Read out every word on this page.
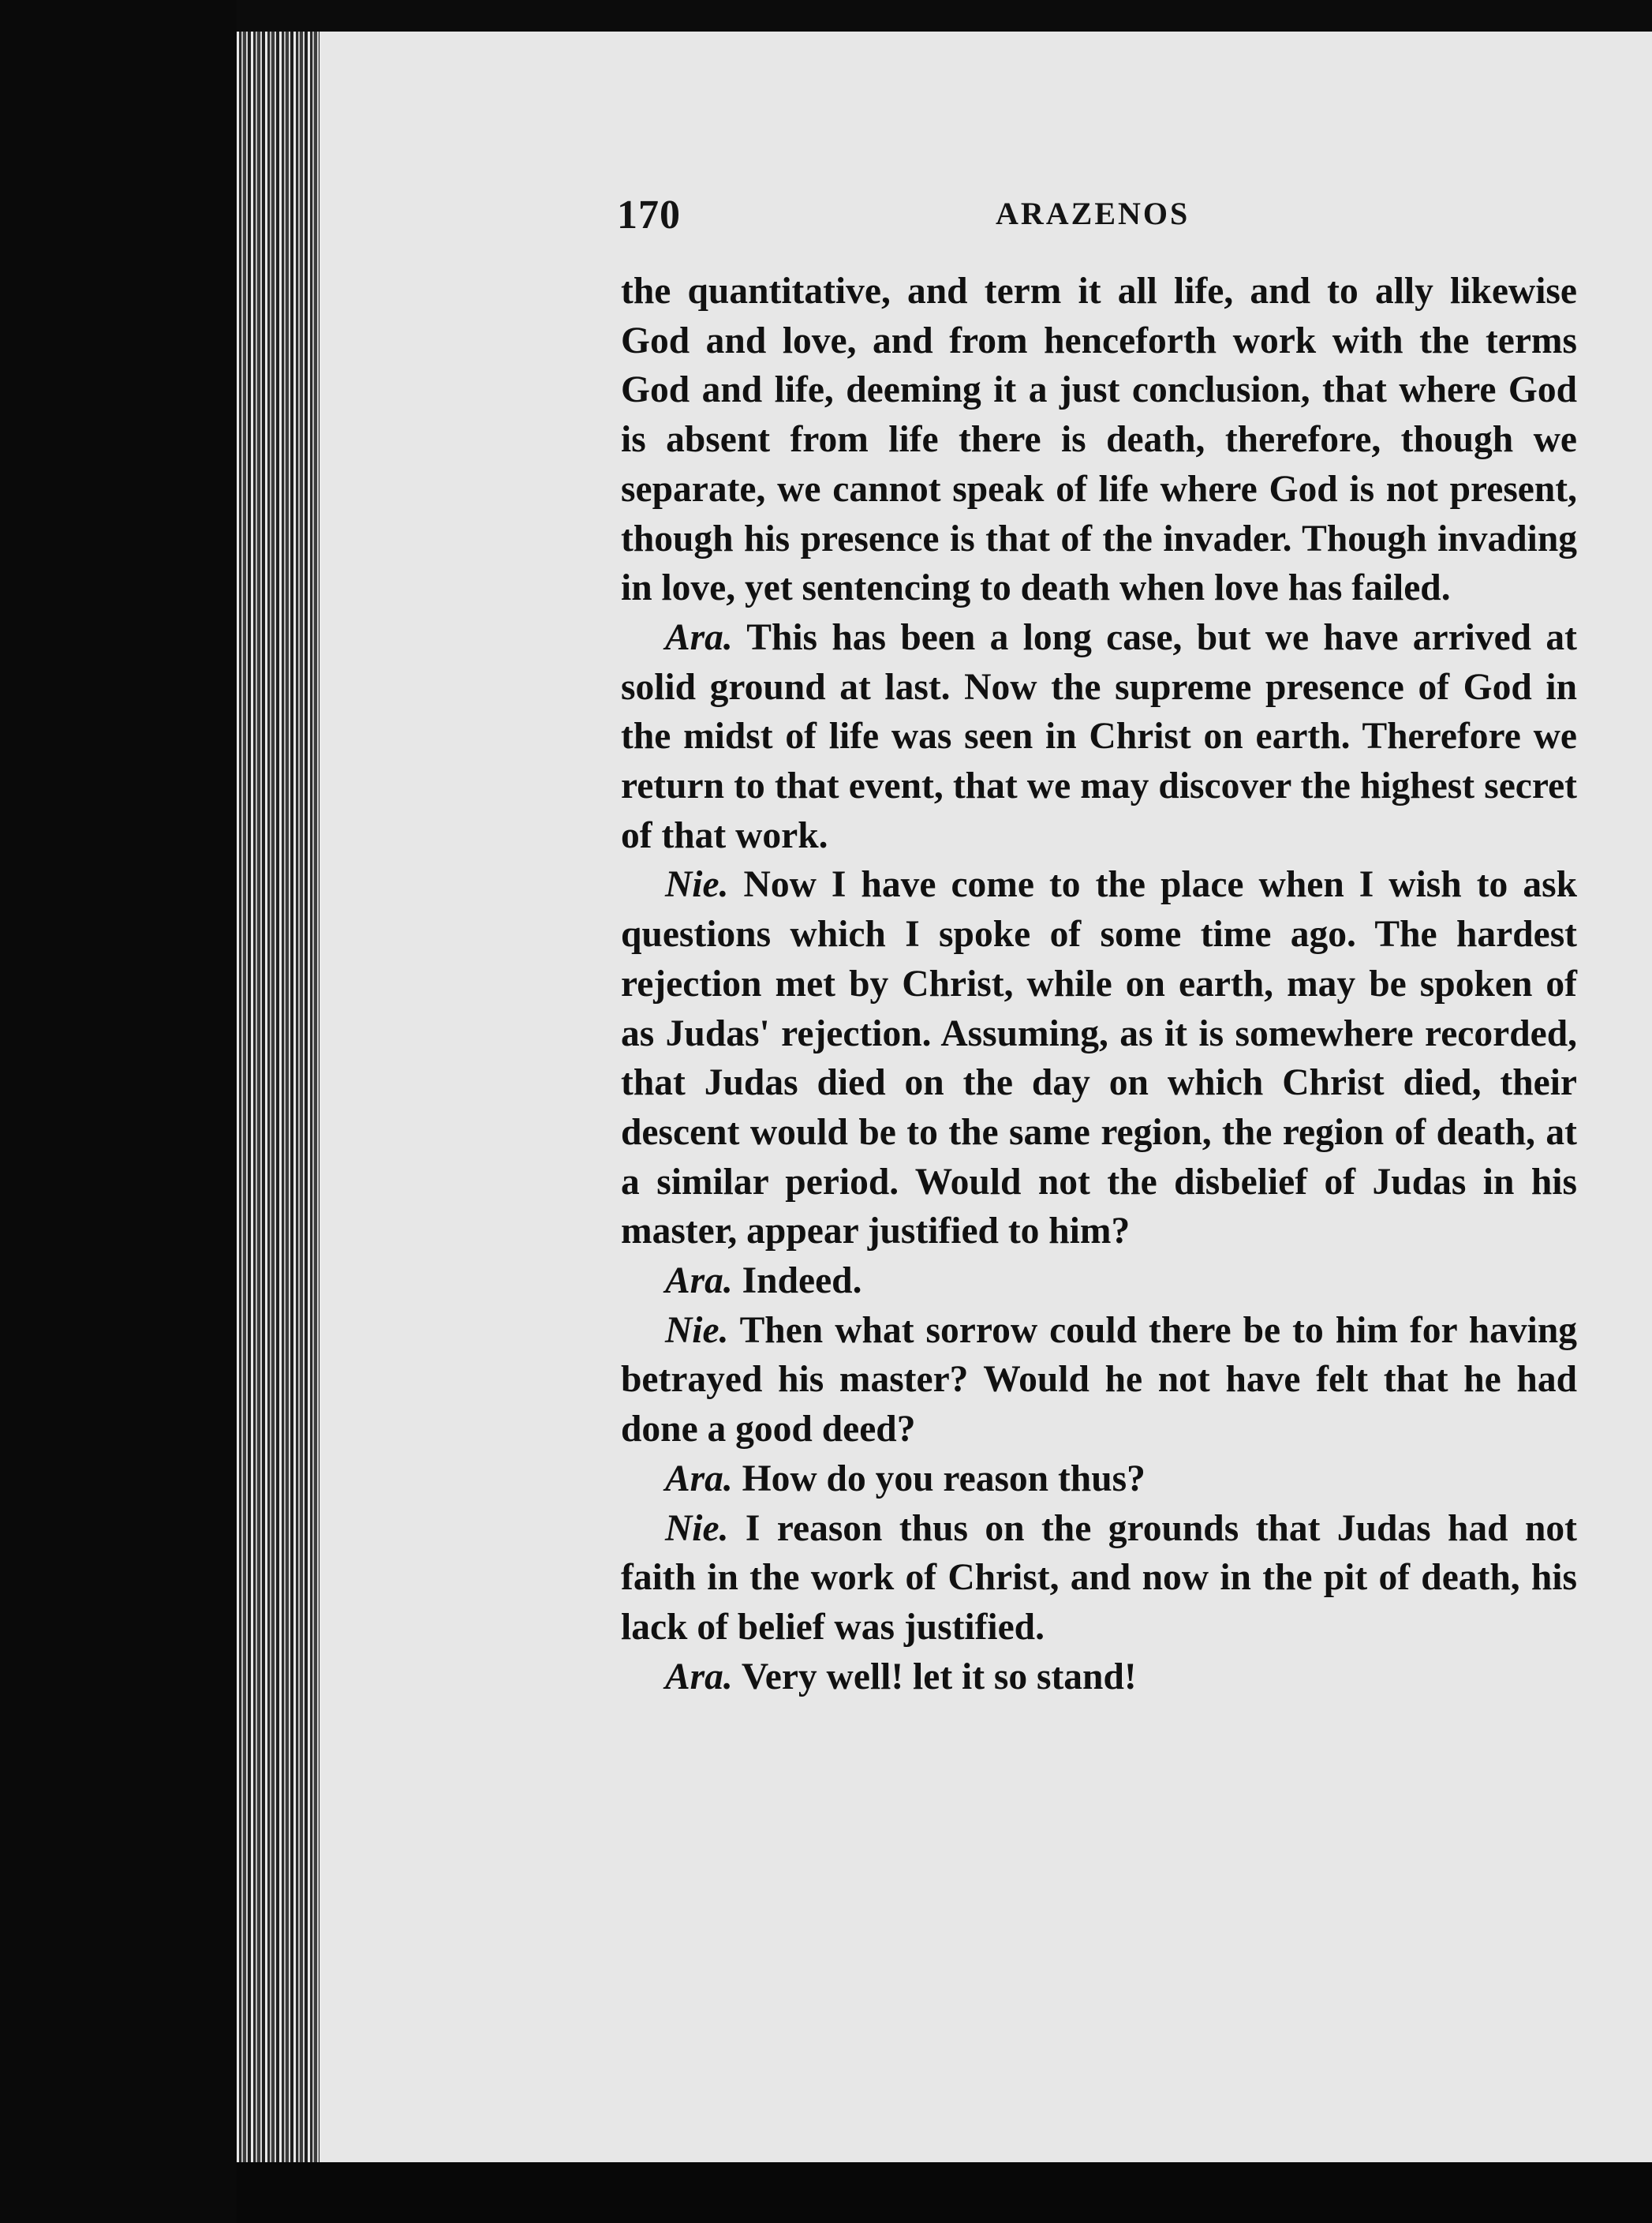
170	ARAZENOS

the quantitative, and term it all life, and to ally likewise God and love, and from henceforth work with the terms God and life, deeming it a just conclusion, that where God is absent from life there is death, therefore, though we separate, we cannot speak of life where God is not present, though his presence is that of the invader. Though invading in love, yet sentencing to death when love has failed.

Ara. This has been a long case, but we have arrived at solid ground at last. Now the supreme presence of God in the midst of life was seen in Christ on earth. Therefore we return to that event, that we may discover the highest secret of that work.

Nie. Now I have come to the place when I wish to ask questions which I spoke of some time ago. The hardest rejection met by Christ, while on earth, may be spoken of as Judas' rejection. Assuming, as it is somewhere recorded, that Judas died on the day on which Christ died, their descent would be to the same region, the region of death, at a similar period. Would not the disbelief of Judas in his master, appear justified to him?

Ara. Indeed.

Nie. Then what sorrow could there be to him for having betrayed his master? Would he not have felt that he had done a good deed?

Ara. How do you reason thus?

Nie. I reason thus on the grounds that Judas had not faith in the work of Christ, and now in the pit of death, his lack of belief was justified.

Ara. Very well! let it so stand!
